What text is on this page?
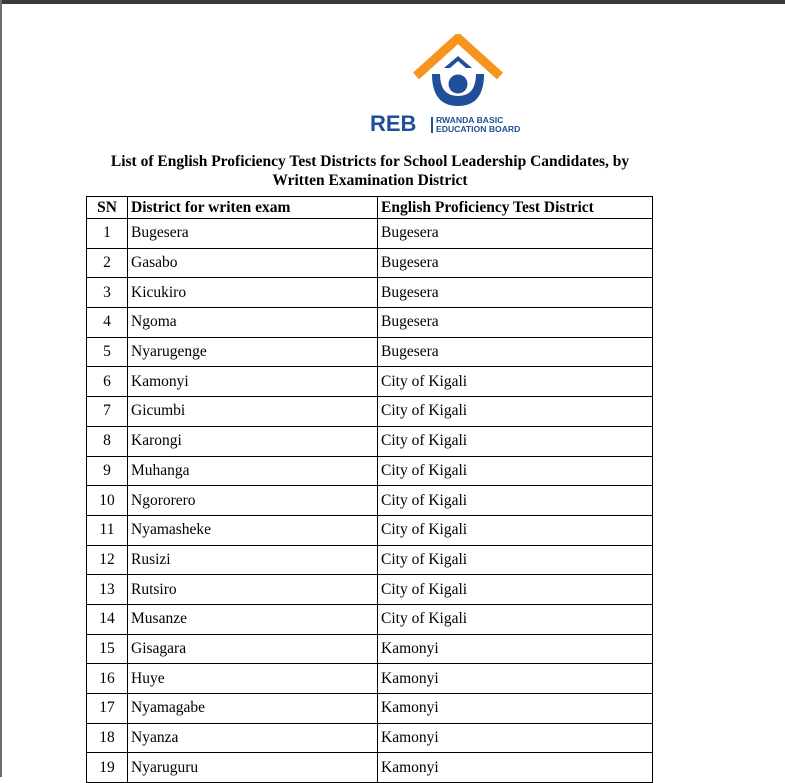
REB RWANDA BASIC
EDUCATION BOARD
List of English Proficiency Test Districts for School Leadership Candidates, by
Written Examination District
SN	District for writen exam	English Proficiency Test District
1	Bugesera	Bugesera
2	Gasabo	Bugesera
3	Kicukiro	Bugesera
4	Ngoma	Bugesera
5	Nyarugenge	Bugesera
6	Kamonyi	City of Kigali
7	Gicumbi	City of Kigali
8	Karongi	City of Kigali
9	Muhanga	City of Kigali
10	Ngororero	City of Kigali
11	Nyamasheke	City of Kigali
12	Rusizi	City of Kigali
13	Rutsiro	City of Kigali
14	Musanze	City of Kigali
15	Gisagara	Kamonyi
16	Huye	Kamonyi
17	Nyamagabe	Kamonyi
18	Nyanza	Kamonyi
19	Nyaruguru	Kamonyi
